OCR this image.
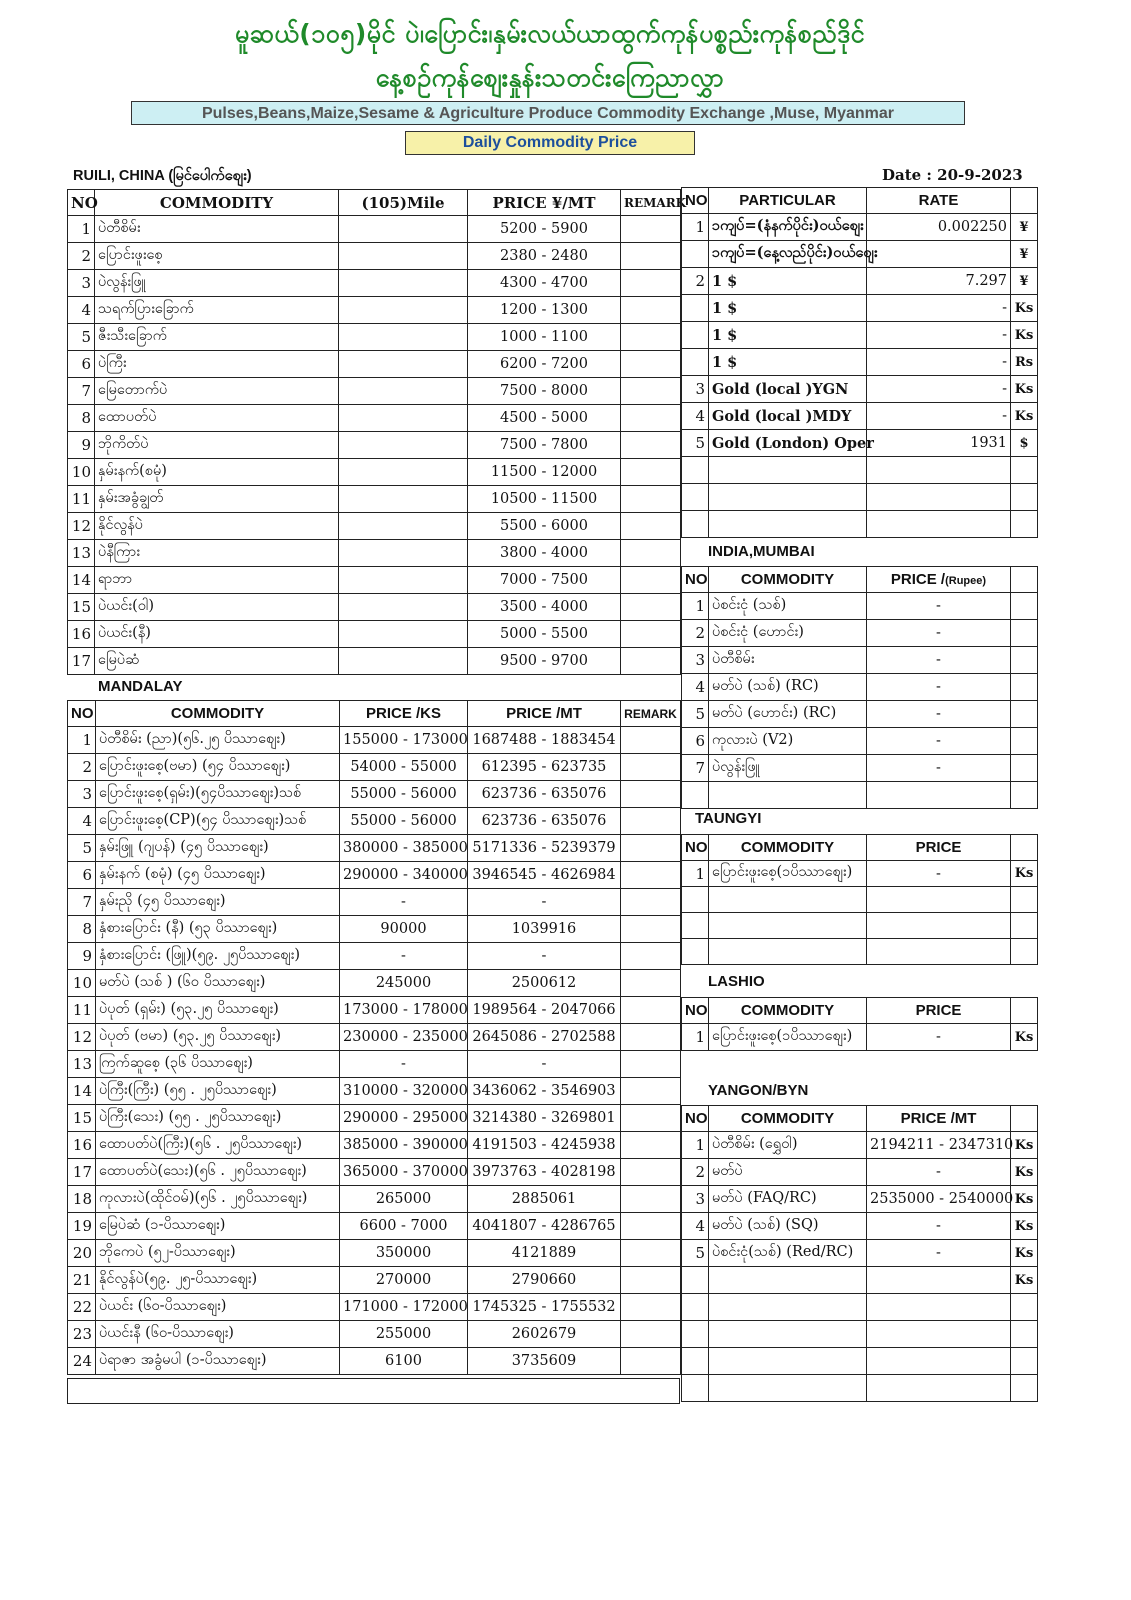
မူဆယ်(၁၀၅)မိုင် ပဲ၊ပြောင်း၊နှမ်းလယ်ယာထွက်ကုန်ပစ္စည်းကုန်စည်ဒိုင်
နေ့စဉ်ကုန်စျေးနှုန်းသတင်းကြေညာလွှာ
Pulses,Beans,Maize,Sesame & Agriculture Produce Commodity Exchange ,Muse, Myanmar
Daily Commodity Price
RUILI, CHINA (မြင်ပေါက်စျေး)	Date : 20-9-2023
NO	COMMODITY	(105)Mile	PRICE ¥/MT	REMARK
1	ပဲတီစိမ်း		5200 - 5900	
2	ပြောင်းဖူးစေ့		2380 - 2480	
3	ပဲလွန်းဖြူ		4300 - 4700	
4	သရက်ပြားခြောက်		1200 - 1300	
5	ဇီးသီးခြောက်		1000 - 1100	
6	ပဲကြီး		6200 - 7200	
7	မြေတောက်ပဲ		7500 - 8000	
8	ထောပတ်ပဲ		4500 - 5000	
9	ဘိုကိတ်ပဲ		7500 - 7800	
10	နှမ်းနက်(စမုံ)		11500 - 12000	
11	နှမ်းအခွံချွတ်		10500 - 11500	
12	နိုင်လွန်ပဲ		5500 - 6000	
13	ပဲနီကြား		3800 - 4000	
14	ရာဘာ		7000 - 7500	
15	ပဲယင်း(ဝါ)		3500 - 4000	
16	ပဲယင်း(နီ)		5000 - 5500	
17	မြေပဲဆံ		9500 - 9700	
MANDALAY
NO	COMMODITY	PRICE /KS	PRICE /MT	REMARK
1	ပဲတီစိမ်း (ညာ)(၅၆.၂၅ ပိဿာစျေး)	155000 - 173000	1687488 - 1883454	
2	ပြောင်းဖူးစေ့(ဗမာ) (၅၄ ပိဿာစျေး)	54000 - 55000	612395 - 623735	
3	ပြောင်းဖူးစေ့(ရှမ်း)(၅၄ပိဿာစျေး)သစ်	55000 - 56000	623736 - 635076	
4	ပြောင်းဖူးစေ့(CP)(၅၄ ပိဿာစျေး)သစ်	55000 - 56000	623736 - 635076	
5	နှမ်းဖြူ (ဂျပန်) (၄၅ ပိဿာစျေး)	380000 - 385000	5171336 - 5239379	
6	နှမ်းနက် (စမုံ) (၄၅ ပိဿာစျေး)	290000 - 340000	3946545 - 4626984	
7	နှမ်းညို (၄၅ ပိဿာစျေး)	-	-	
8	နှံစားပြောင်း (နီ) (၅၃ ပိဿာစျေး)	90000	1039916	
9	နှံစားပြောင်း (ဖြူ)(၅၉. ၂၅ပိဿာစျေး)	-	-	
10	မတ်ပဲ (သစ် ) (၆၀ ပိဿာစျေး)	245000	2500612	
11	ပဲပုတ် (ရှမ်း) (၅၃.၂၅ ပိဿာစျေး)	173000 - 178000	1989564 - 2047066	
12	ပဲပုတ် (ဗမာ) (၅၃.၂၅ ပိဿာစျေး)	230000 - 235000	2645086 - 2702588	
13	ကြက်ဆူစေ့ (၃၆ ပိဿာစျေး)	-	-	
14	ပဲကြီး(ကြီး) (၅၅ . ၂၅ပိဿာစျေး)	310000 - 320000	3436062 - 3546903	
15	ပဲကြီး(သေး) (၅၅ . ၂၅ပိဿာစျေး)	290000 - 295000	3214380 - 3269801	
16	ထောပတ်ပဲ(ကြီး)(၅၆ . ၂၅ပိဿာစျေး)	385000 - 390000	4191503 - 4245938	
17	ထောပတ်ပဲ(သေး)(၅၆ . ၂၅ပိဿာစျေး)	365000 - 370000	3973763 - 4028198	
18	ကုလားပဲ(ထိုင်ဝမ်)(၅၆ . ၂၅ပိဿာစျေး)	265000	2885061	
19	မြေပဲဆံ (၁-ပိဿာစျေး)	6600 - 7000	4041807 - 4286765	
20	ဘိုကေပဲ (၅၂-ပိဿာစျေး)	350000	4121889	
21	နိုင်လွန်ပဲ(၅၉. ၂၅-ပိဿာစျေး)	270000	2790660	
22	ပဲယင်း (၆၀-ပိဿာစျေး)	171000 - 172000	1745325 - 1755532	
23	ပဲယင်းနီ (၆၀-ပိဿာစျေး)	255000	2602679	
24	ပဲရာဇာ အခွံမပါ (၁-ပိဿာစျေး)	6100	3735609	
NO	PARTICULAR	RATE	
1	၁ကျပ်=(နံနက်ပိုင်း)ဝယ်စျေး	0.002250	¥
	၁ကျပ်=(နေ့လည်ပိုင်း)ဝယ်စျေး		¥
2	1 $	7.297	¥
	1 $	-	Ks
	1 $	-	Ks
	1 $	-	Rs
3	Gold (local )YGN	-	Ks
4	Gold (local )MDY	-	Ks
5	Gold (London) Oper	1931	$

INDIA,MUMBAI
NO	COMMODITY	PRICE /(Rupee)	
1	ပဲစင်းငုံ (သစ်)	-	
2	ပဲစင်းငုံ (ဟောင်း)	-	
3	ပဲတီစိမ်း	-	
4	မတ်ပဲ (သစ်) (RC)	-	
5	မတ်ပဲ (ဟောင်း) (RC)	-	
6	ကုလားပဲ (V2)	-	
7	ပဲလွန်းဖြူ	-	

TAUNGYI
NO	COMMODITY	PRICE	
1	ပြောင်းဖူးစေ့(၁ပိဿာစျေး)	-	Ks

LASHIO
NO	COMMODITY	PRICE	
1	ပြောင်းဖူးစေ့(၁ပိဿာစျေး)	-	Ks
YANGON/BYN
NO	COMMODITY	PRICE /MT	
1	ပဲတီစိမ်း (ရွှေဝါ)	2194211 - 2347310	Ks
2	မတ်ပဲ	-	Ks
3	မတ်ပဲ (FAQ/RC)	2535000 - 2540000	Ks
4	မတ်ပဲ (သစ်) (SQ)	-	Ks
5	ပဲစင်းငုံ(သစ်) (Red/RC)	-	Ks
			Ks
